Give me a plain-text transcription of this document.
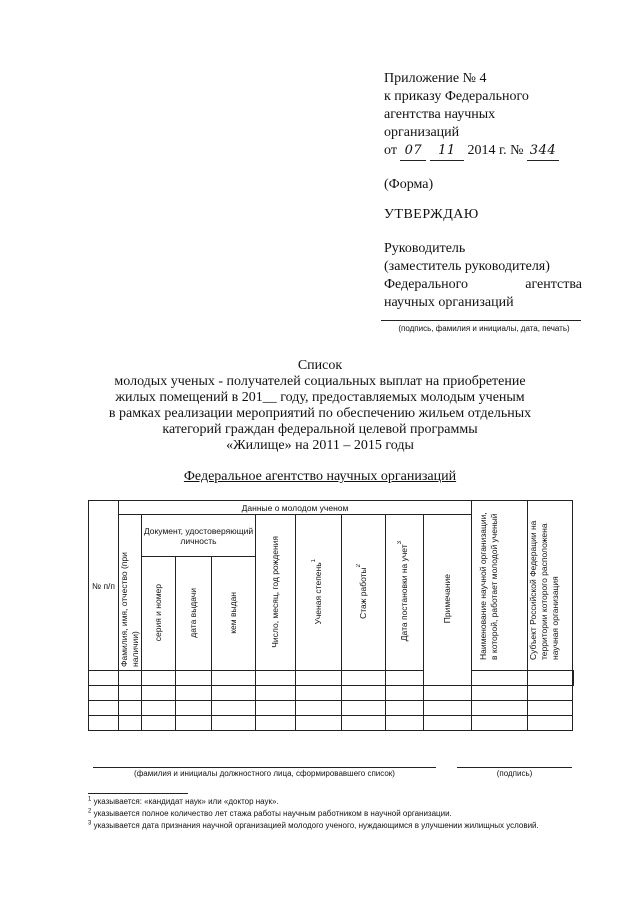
Приложение № 4
к приказу Федерального
агентства научных
организаций
от 07 11 2014 г. № 344
(Форма)
УТВЕРЖДАЮ
Руководитель
(заместитель руководителя)
Федерального	агентства
научных организаций
(подпись, фамилия и инициалы, дата, печать)
Список
молодых ученых - получателей социальных выплат на приобретение
жилых помещений в 201__ году, предоставляемых молодым ученым
в рамках реализации мероприятий по обеспечению жильем отдельных
категорий граждан федеральной целевой программы
«Жилище» на 2011 – 2015 годы
Федеральное агентство научных организаций
№ п/п	Данные о молодом ученом									Наименование научной организации, в которой, работает молодой ученый	Субъект Российской Федерации на территории которого расположена научная организация	
	Фамилия, имя, отчество (при наличии)	Документ, удостоверяющий личность			Число, месяц, год рождения	Ученая степень$^1$	Стаж работы$^2$	Дата постановки на учет$^3$	Примечание			
		серия и номер	дата выдачи	кем выдан								

(фамилия и инициалы должностного лица, сформировавшего список)	(подпись)
$^1$ указывается: «кандидат наук» или «доктор наук».
$^2$ указывается полное количество лет стажа работы научным работником в научной организации.
$^3$ указывается дата признания научной организацией молодого ученого, нуждающимся в улучшении жилищных условий.
